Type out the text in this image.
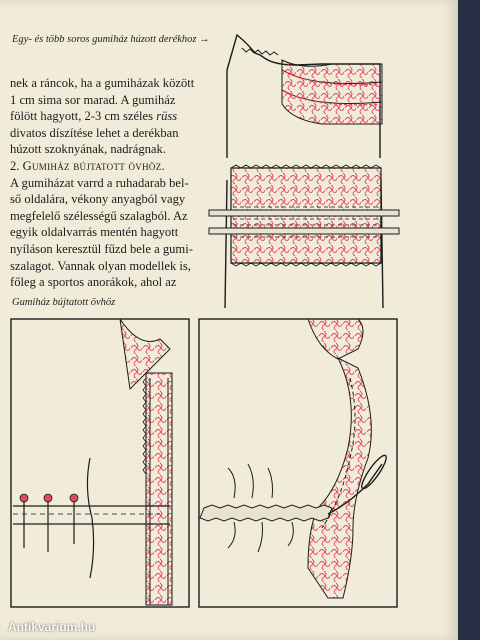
Egy- és több soros gumiház húzott derékhoz →

nek a ráncok, ha a gumiházak között

1 cm sima sor marad. A gumiház

fölött hagyott, 2-3 cm széles rüss

divatos díszítése lehet a derékban

húzott szoknyának, nadrágnak.

2. Gumiház bújtatott övhöz.

A gumiházat varrd a ruhadarab bel-

ső oldalára, vékony anyagból vagy

megfelelő szélességű szalagból. Az

egyik oldalvarrás mentén hagyott

nyíláson keresztül fűzd bele a gumi-

szalagot. Vannak olyan modellek is,

főleg a sportos anorákok, ahol az

Gumiház bújtatott övhöz
Antikvarium.hu
